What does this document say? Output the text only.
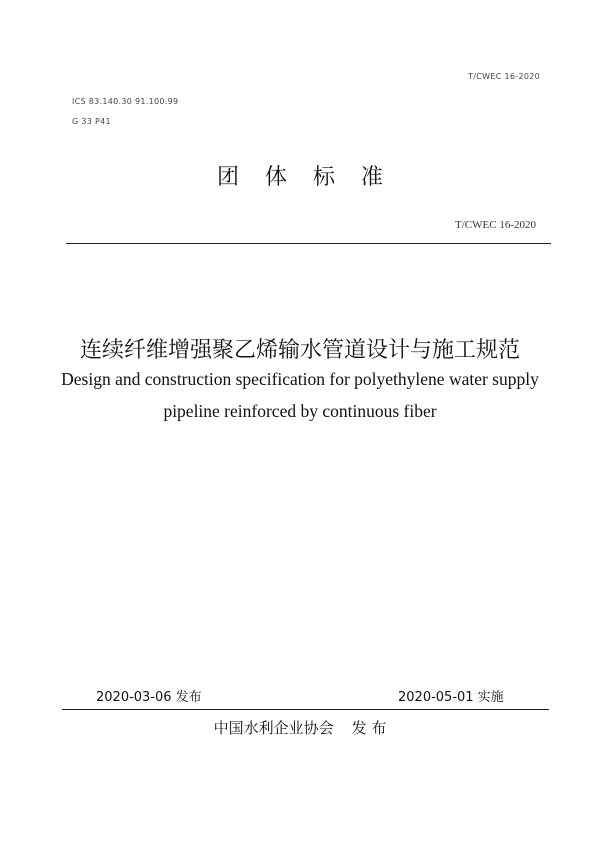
T/CWEC 16-2020
ICS 83.140.30 91.100.99
G 33 P41
团体标准
T/CWEC 16-2020
连续纤维增强聚乙烯输水管道设计与施工规范
Design and construction specification for polyethylene water supply
pipeline reinforced by continuous fiber
2020-03-06 发布	2020-05-01 实施
中国水利企业协会 发 布
